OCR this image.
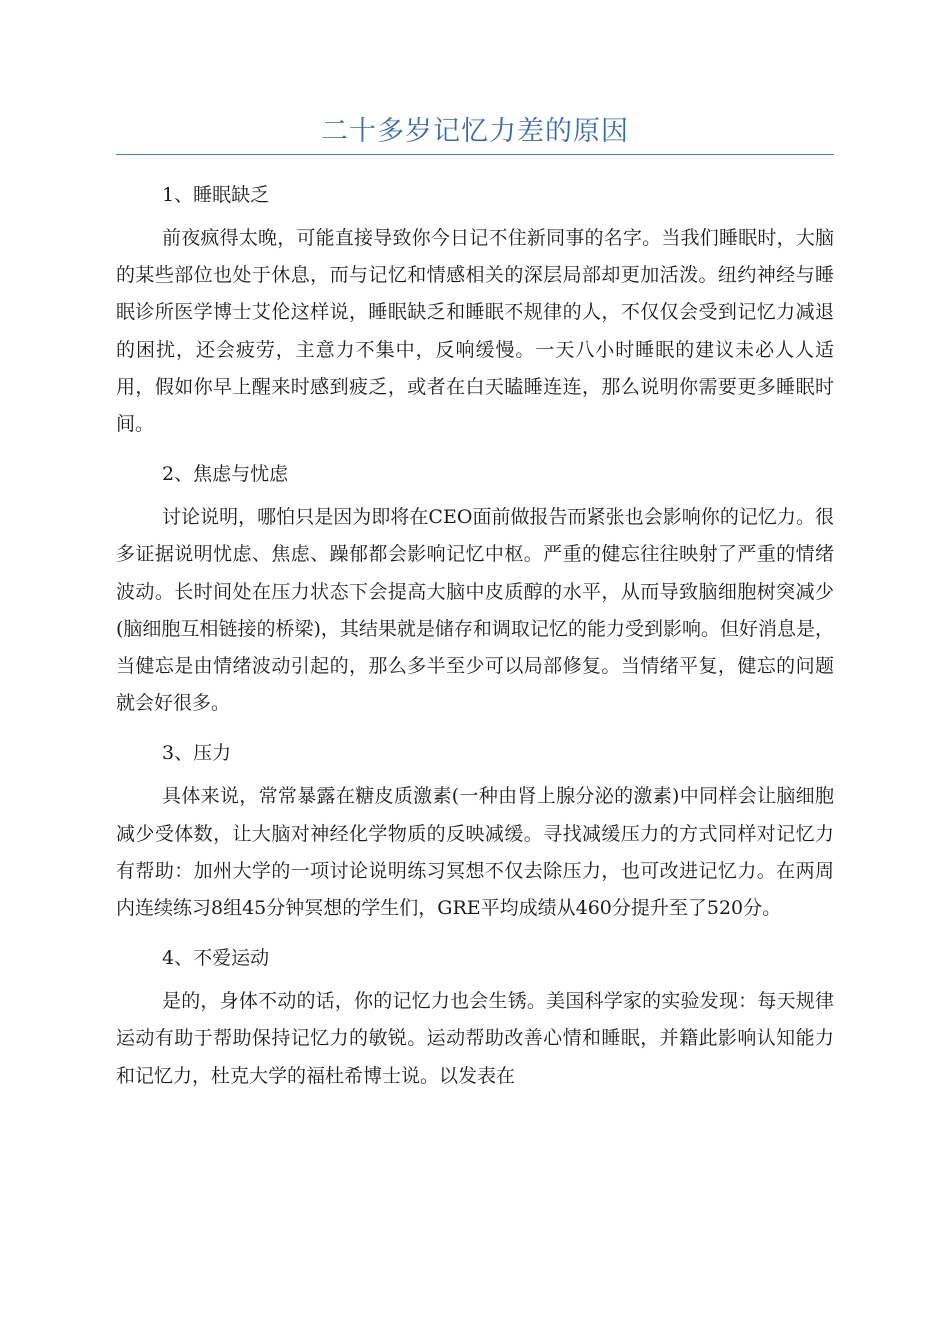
二十多岁记忆力差的原因
1、睡眠缺乏

前夜疯得太晚，可能直接导致你今日记不住新同事的名字。当我们睡眠时，大脑的某些部位也处于休息，而与记忆和情感相关的深层局部却更加活泼。纽约神经与睡眠诊所医学博士艾伦这样说，睡眠缺乏和睡眠不规律的人，不仅仅会受到记忆力减退的困扰，还会疲劳，主意力不集中，反响缓慢。一天八小时睡眠的建议未必人人适用，假如你早上醒来时感到疲乏，或者在白天瞌睡连连，那么说明你需要更多睡眠时间。

2、焦虑与忧虑

讨论说明，哪怕只是因为即将在CEO面前做报告而紧张也会影响你的记忆力。很多证据说明忧虑、焦虑、躁郁都会影响记忆中枢。严重的健忘往往映射了严重的情绪波动。长时间处在压力状态下会提高大脑中皮质醇的水平，从而导致脑细胞树突减少(脑细胞互相链接的桥梁)，其结果就是储存和调取记忆的能力受到影响。但好消息是，当健忘是由情绪波动引起的，那么多半至少可以局部修复。当情绪平复，健忘的问题就会好很多。

3、压力

具体来说，常常暴露在糖皮质激素(一种由肾上腺分泌的激素)中同样会让脑细胞减少受体数，让大脑对神经化学物质的反映减缓。寻找减缓压力的方式同样对记忆力有帮助：加州大学的一项讨论说明练习冥想不仅去除压力，也可改进记忆力。在两周内连续练习8组45分钟冥想的学生们，GRE平均成绩从460分提升至了520分。

4、不爱运动

是的，身体不动的话，你的记忆力也会生锈。美国科学家的实验发现：每天规律运动有助于帮助保持记忆力的敏锐。运动帮助改善心情和睡眠，并籍此影响认知能力和记忆力，杜克大学的福杜希博士说。以发表在
